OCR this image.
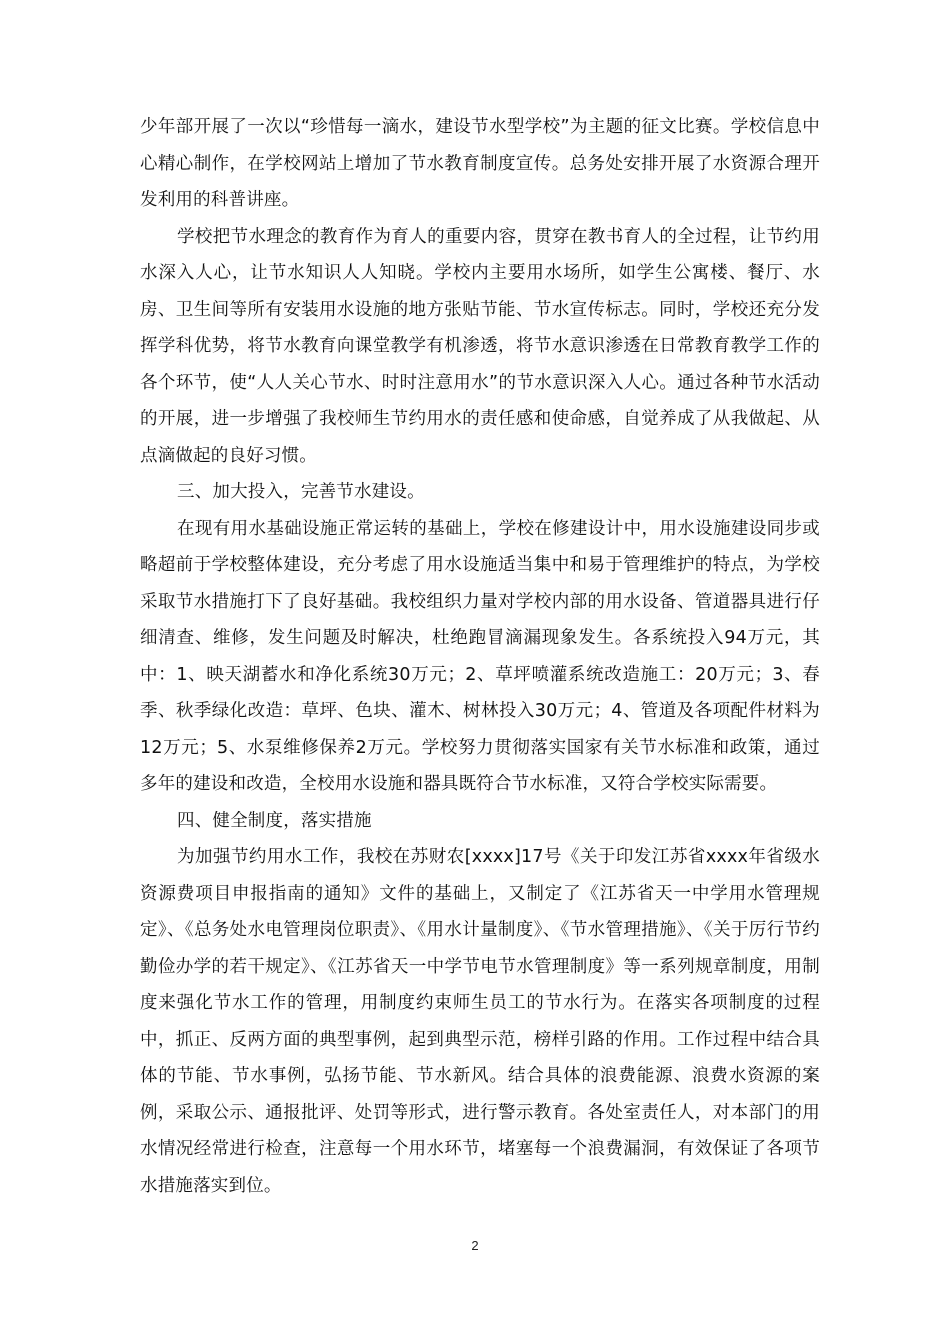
少年部开展了一次以“珍惜每一滴水，建设节水型学校”为主题的征文比赛。学校信息中心精心制作，在学校网站上增加了节水教育制度宣传。总务处安排开展了水资源合理开发利用的科普讲座。

学校把节水理念的教育作为育人的重要内容，贯穿在教书育人的全过程，让节约用水深入人心，让节水知识人人知晓。学校内主要用水场所，如学生公寓楼、餐厅、水房、卫生间等所有安装用水设施的地方张贴节能、节水宣传标志。同时，学校还充分发挥学科优势，将节水教育向课堂教学有机渗透，将节水意识渗透在日常教育教学工作的各个环节，使“人人关心节水、时时注意用水”的节水意识深入人心。通过各种节水活动的开展，进一步增强了我校师生节约用水的责任感和使命感，自觉养成了从我做起、从点滴做起的良好习惯。

三、加大投入，完善节水建设。

在现有用水基础设施正常运转的基础上，学校在修建设计中，用水设施建设同步或略超前于学校整体建设，充分考虑了用水设施适当集中和易于管理维护的特点，为学校采取节水措施打下了良好基础。我校组织力量对学校内部的用水设备、管道器具进行仔细清查、维修，发生问题及时解决，杜绝跑冒滴漏现象发生。各系统投入94万元，其中：1、映天湖蓄水和净化系统30万元；2、草坪喷灌系统改造施工：20万元；3、春季、秋季绿化改造：草坪、色块、灌木、树林投入30万元；4、管道及各项配件材料为12万元；5、水泵维修保养2万元。学校努力贯彻落实国家有关节水标准和政策，通过多年的建设和改造，全校用水设施和器具既符合节水标准，又符合学校实际需要。

四、健全制度，落实措施

为加强节约用水工作，我校在苏财农[xxxx]17号《关于印发江苏省xxxx年省级水资源费项目申报指南的通知》文件的基础上，又制定了《江苏省天一中学用水管理规定》、《总务处水电管理岗位职责》、《用水计量制度》、《节水管理措施》、《关于厉行节约勤俭办学的若干规定》、《江苏省天一中学节电节水管理制度》等一系列规章制度，用制度来强化节水工作的管理，用制度约束师生员工的节水行为。在落实各项制度的过程中，抓正、反两方面的典型事例，起到典型示范，榜样引路的作用。工作过程中结合具体的节能、节水事例，弘扬节能、节水新风。结合具体的浪费能源、浪费水资源的案例，采取公示、通报批评、处罚等形式，进行警示教育。各处室责任人，对本部门的用水情况经常进行检查，注意每一个用水环节，堵塞每一个浪费漏洞，有效保证了各项节水措施落实到位。

2
